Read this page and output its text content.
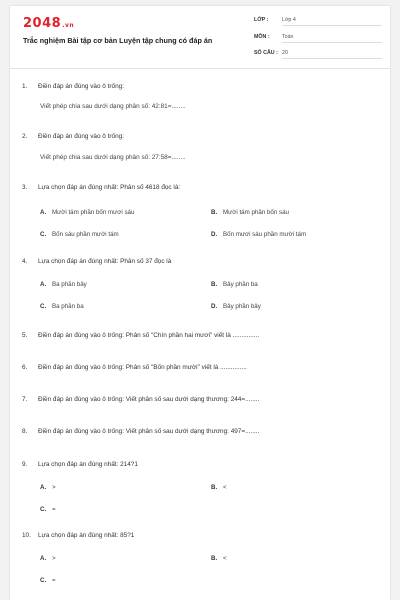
2048.vn
Trắc nghiệm Bài tập cơ bản Luyện tập chung có đáp án
LỚP :	Lớp 4
MÔN : Toán
SỐ CÂU : 20
1. Điền đáp án đúng vào ô trống:
Viết phép chia sau dưới dạng phân số: 42:81=........
2. Điền đáp án đúng vào ô trống:
Viết phép chia sau dưới dạng phân số: 27:58=........
3. Lựa chọn đáp án đúng nhất: Phân số 4618 đọc là:
A. Mười tám phần bốn mươi sáu	B. Mười tám phần bốn sáu
C. Bốn sáu phần mười tám	D. Bốn mươi sáu phần mười tám
4. Lựa chọn đáp án đúng nhất: Phân số 37 đọc là
A. Ba phần bảy	B. Bảy phần ba
C. Ba phần ba	D. Bảy phần bảy
5. Điền đáp án đúng vào ô trống: Phân số "Chín phần hai mươi" viết là ...............
6. Điền đáp án đúng vào ô trống: Phân số "Bốn phần mười" viết là ...............
7. Điền đáp án đúng vào ô trống: Viết phân số sau dưới dạng thương: 244=........
8. Điền đáp án đúng vào ô trống: Viết phân số sau dưới dạng thương: 497=........
9. Lựa chọn đáp án đúng nhất: 214?1
A. >	B. <
C. =
10. Lựa chọn đáp án đúng nhất: 85?1
A. >	B. <
C. =
